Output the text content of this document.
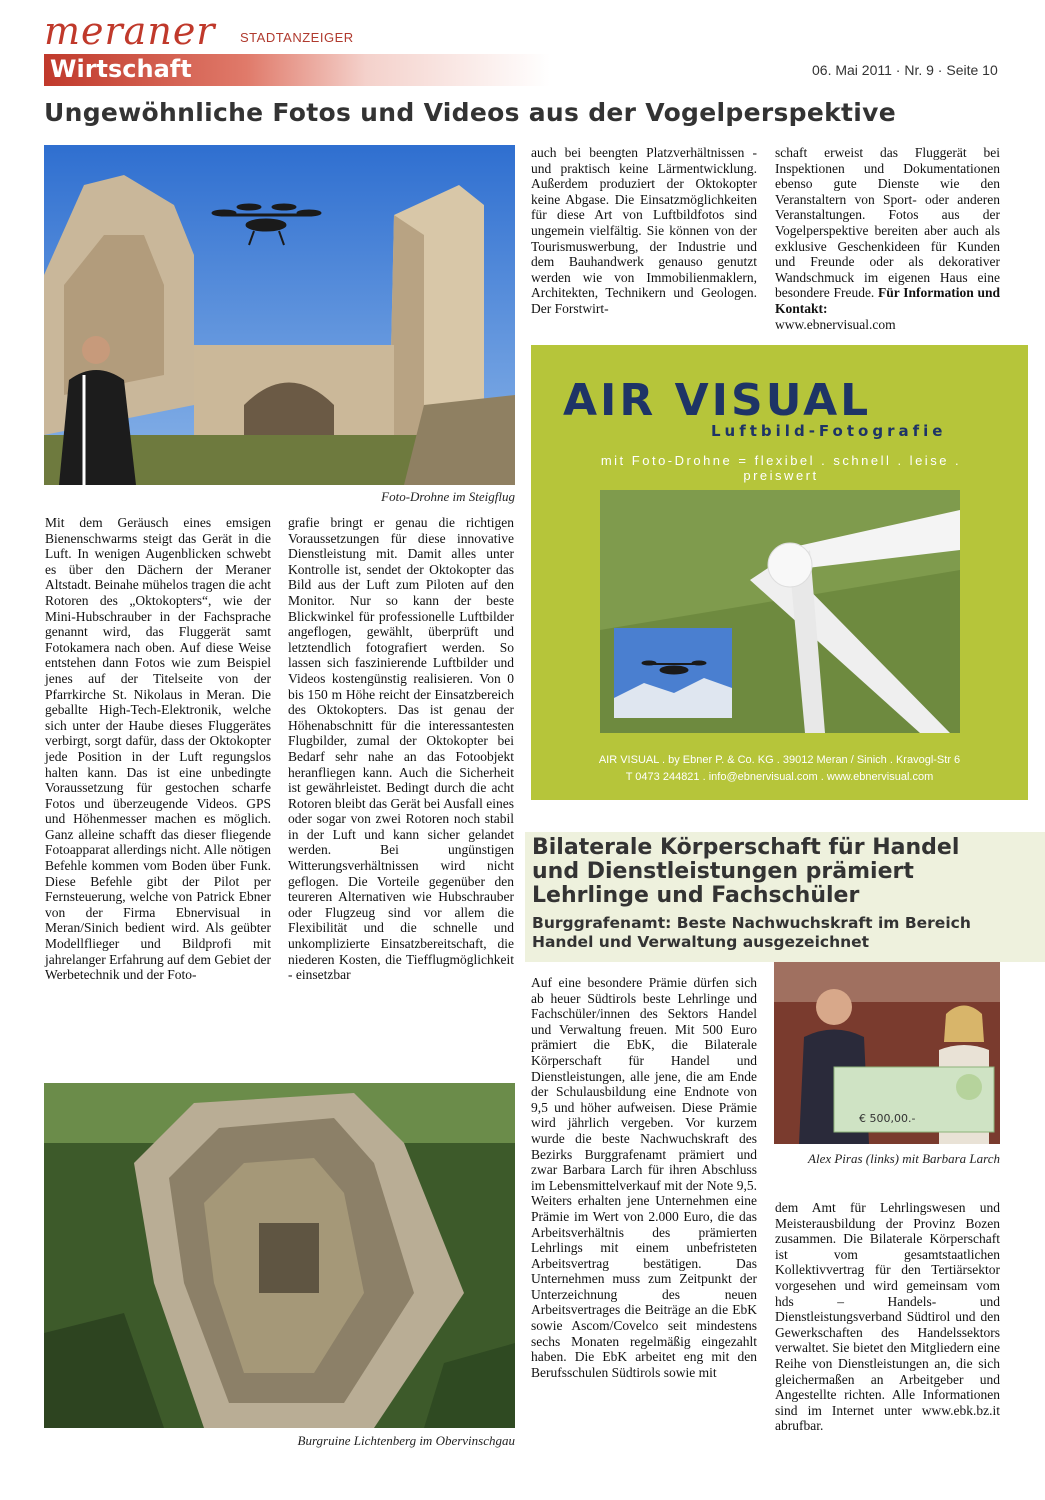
meraner STADTANZEIGER
Wirtschaft	06. Mai 2011 · Nr. 9 · Seite 10
Ungewöhnliche Fotos und Videos aus der Vogelperspektive
Foto-Drohne im Steigflug
Mit dem Geräusch eines emsigen Bienenschwarms steigt das Gerät in die Luft. In wenigen Augenblicken schwebt es über den Dächern der Meraner Altstadt. Beinahe mühelos tragen die acht Rotoren des „Oktokopters“, wie der Mini-Hubschrauber in der Fachsprache genannt wird, das Fluggerät samt Fotokamera nach oben. Auf diese Weise entstehen dann Fotos wie zum Beispiel jenes auf der Titelseite von der Pfarrkirche St. Nikolaus in Meran. Die geballte High-Tech-Elektronik, welche sich unter der Haube dieses Fluggerätes verbirgt, sorgt dafür, dass der Oktokopter jede Position in der Luft regungslos halten kann. Das ist eine unbedingte Voraussetzung für gestochen scharfe Fotos und überzeugende Videos. GPS und Höhenmesser machen es möglich. Ganz alleine schafft das dieser fliegende Fotoapparat allerdings nicht. Alle nötigen Befehle kommen vom Boden über Funk. Diese Befehle gibt der Pilot per Fernsteuerung, welche von Patrick Ebner von der Firma Ebnervisual in Meran/Sinich bedient wird. Als geübter Modellflieger und Bildprofi mit jahrelanger Erfahrung auf dem Gebiet der Werbetechnik und der Foto-
grafie bringt er genau die richtigen Voraussetzungen für diese innovative Dienstleistung mit. Damit alles unter Kontrolle ist, sendet der Oktokopter das Bild aus der Luft zum Piloten auf den Monitor. Nur so kann der beste Blickwinkel für professionelle Luftbilder angeflogen, gewählt, überprüft und letztendlich fotografiert werden. So lassen sich faszinierende Luftbilder und Videos kostengünstig realisieren. Von 0 bis 150 m Höhe reicht der Einsatzbereich des Oktokopters. Das ist genau der Höhenabschnitt für die interessantesten Flugbilder, zumal der Oktokopter bei Bedarf sehr nahe an das Fotoobjekt heranfliegen kann. Auch die Sicherheit ist gewährleistet. Bedingt durch die acht Rotoren bleibt das Gerät bei Ausfall eines oder sogar von zwei Rotoren noch stabil in der Luft und kann sicher gelandet werden. Bei ungünstigen Witterungsverhältnissen wird nicht geflogen. Die Vorteile gegenüber den teureren Alternativen wie Hubschrauber oder Flugzeug sind vor allem die Flexibilität und die schnelle und unkomplizierte Einsatzbereitschaft, die niederen Kosten, die Tiefflugmöglichkeit - einsetzbar
auch bei beengten Platzverhältnissen - und praktisch keine Lärmentwicklung. Außerdem produziert der Oktokopter keine Abgase. Die Einsatzmöglichkeiten für diese Art von Luftbildfotos sind ungemein vielfältig. Sie können von der Tourismuswerbung, der Industrie und dem Bauhandwerk genauso genutzt werden wie von Immobilienmaklern, Architekten, Technikern und Geologen. Der Forstwirt-
schaft erweist das Fluggerät bei Inspektionen und Dokumentationen ebenso gute Dienste wie den Veranstaltern von Sport- oder anderen Veranstaltungen. Fotos aus der Vogelperspektive bereiten aber auch als exklusive Geschenkideen für Kunden und Freunde oder als dekorativer Wandschmuck im eigenen Haus eine besondere Freude. Für Information und Kontakt:
www.ebnervisual.com
Burgruine Lichtenberg im Obervinschgau
AIR VISUAL
Luftbild-Fotografie
mit Foto-Drohne = flexibel . schnell . leise . preiswert
AIR VISUAL . by Ebner P. & Co. KG . 39012 Meran / Sinich . Kravogl-Str 6
T 0473 244821 . info@ebnervisual.com . www.ebnervisual.com
Bilaterale Körperschaft für Handel und Dienstleistungen prämiert Lehrlinge und Fachschüler
Burggrafenamt: Beste Nachwuchskraft im Bereich Handel und Verwaltung ausgezeichnet
Auf eine besondere Prämie dürfen sich ab heuer Südtirols beste Lehrlinge und Fachschüler/innen des Sektors Handel und Verwaltung freuen. Mit 500 Euro prämiert die EbK, die Bilaterale Körperschaft für Handel und Dienstleistungen, alle jene, die am Ende der Schulausbildung eine Endnote von 9,5 und höher aufweisen. Diese Prämie wird jährlich vergeben. Vor kurzem wurde die beste Nachwuchskraft des Bezirks Burggrafenamt prämiert und zwar Barbara Larch für ihren Abschluss im Lebensmittelverkauf mit der Note 9,5. Weiters erhalten jene Unternehmen eine Prämie im Wert von 2.000 Euro, die das Arbeitsverhältnis des prämierten Lehrlings mit einem unbefristeten Arbeitsvertrag bestätigen. Das Unternehmen muss zum Zeitpunkt der Unterzeichnung des neuen Arbeitsvertrages die Beiträge an die EbK sowie Ascom/Covelco seit mindestens sechs Monaten regelmäßig eingezahlt haben. Die EbK arbeitet eng mit den Berufsschulen Südtirols sowie mit
€ 500,00.-
Alex Piras (links) mit Barbara Larch
dem Amt für Lehrlingswesen und Meisterausbildung der Provinz Bozen zusammen. Die Bilaterale Körperschaft ist vom gesamtstaatlichen Kollektivvertrag für den Tertiärsektor vorgesehen und wird gemeinsam vom hds – Handels- und Dienstleistungsverband Südtirol und den Gewerkschaften des Handelssektors verwaltet. Sie bietet den Mitgliedern eine Reihe von Dienstleistungen an, die sich gleichermaßen an Arbeitgeber und Angestellte richten. Alle Informationen sind im Internet unter www.ebk.bz.it abrufbar.
